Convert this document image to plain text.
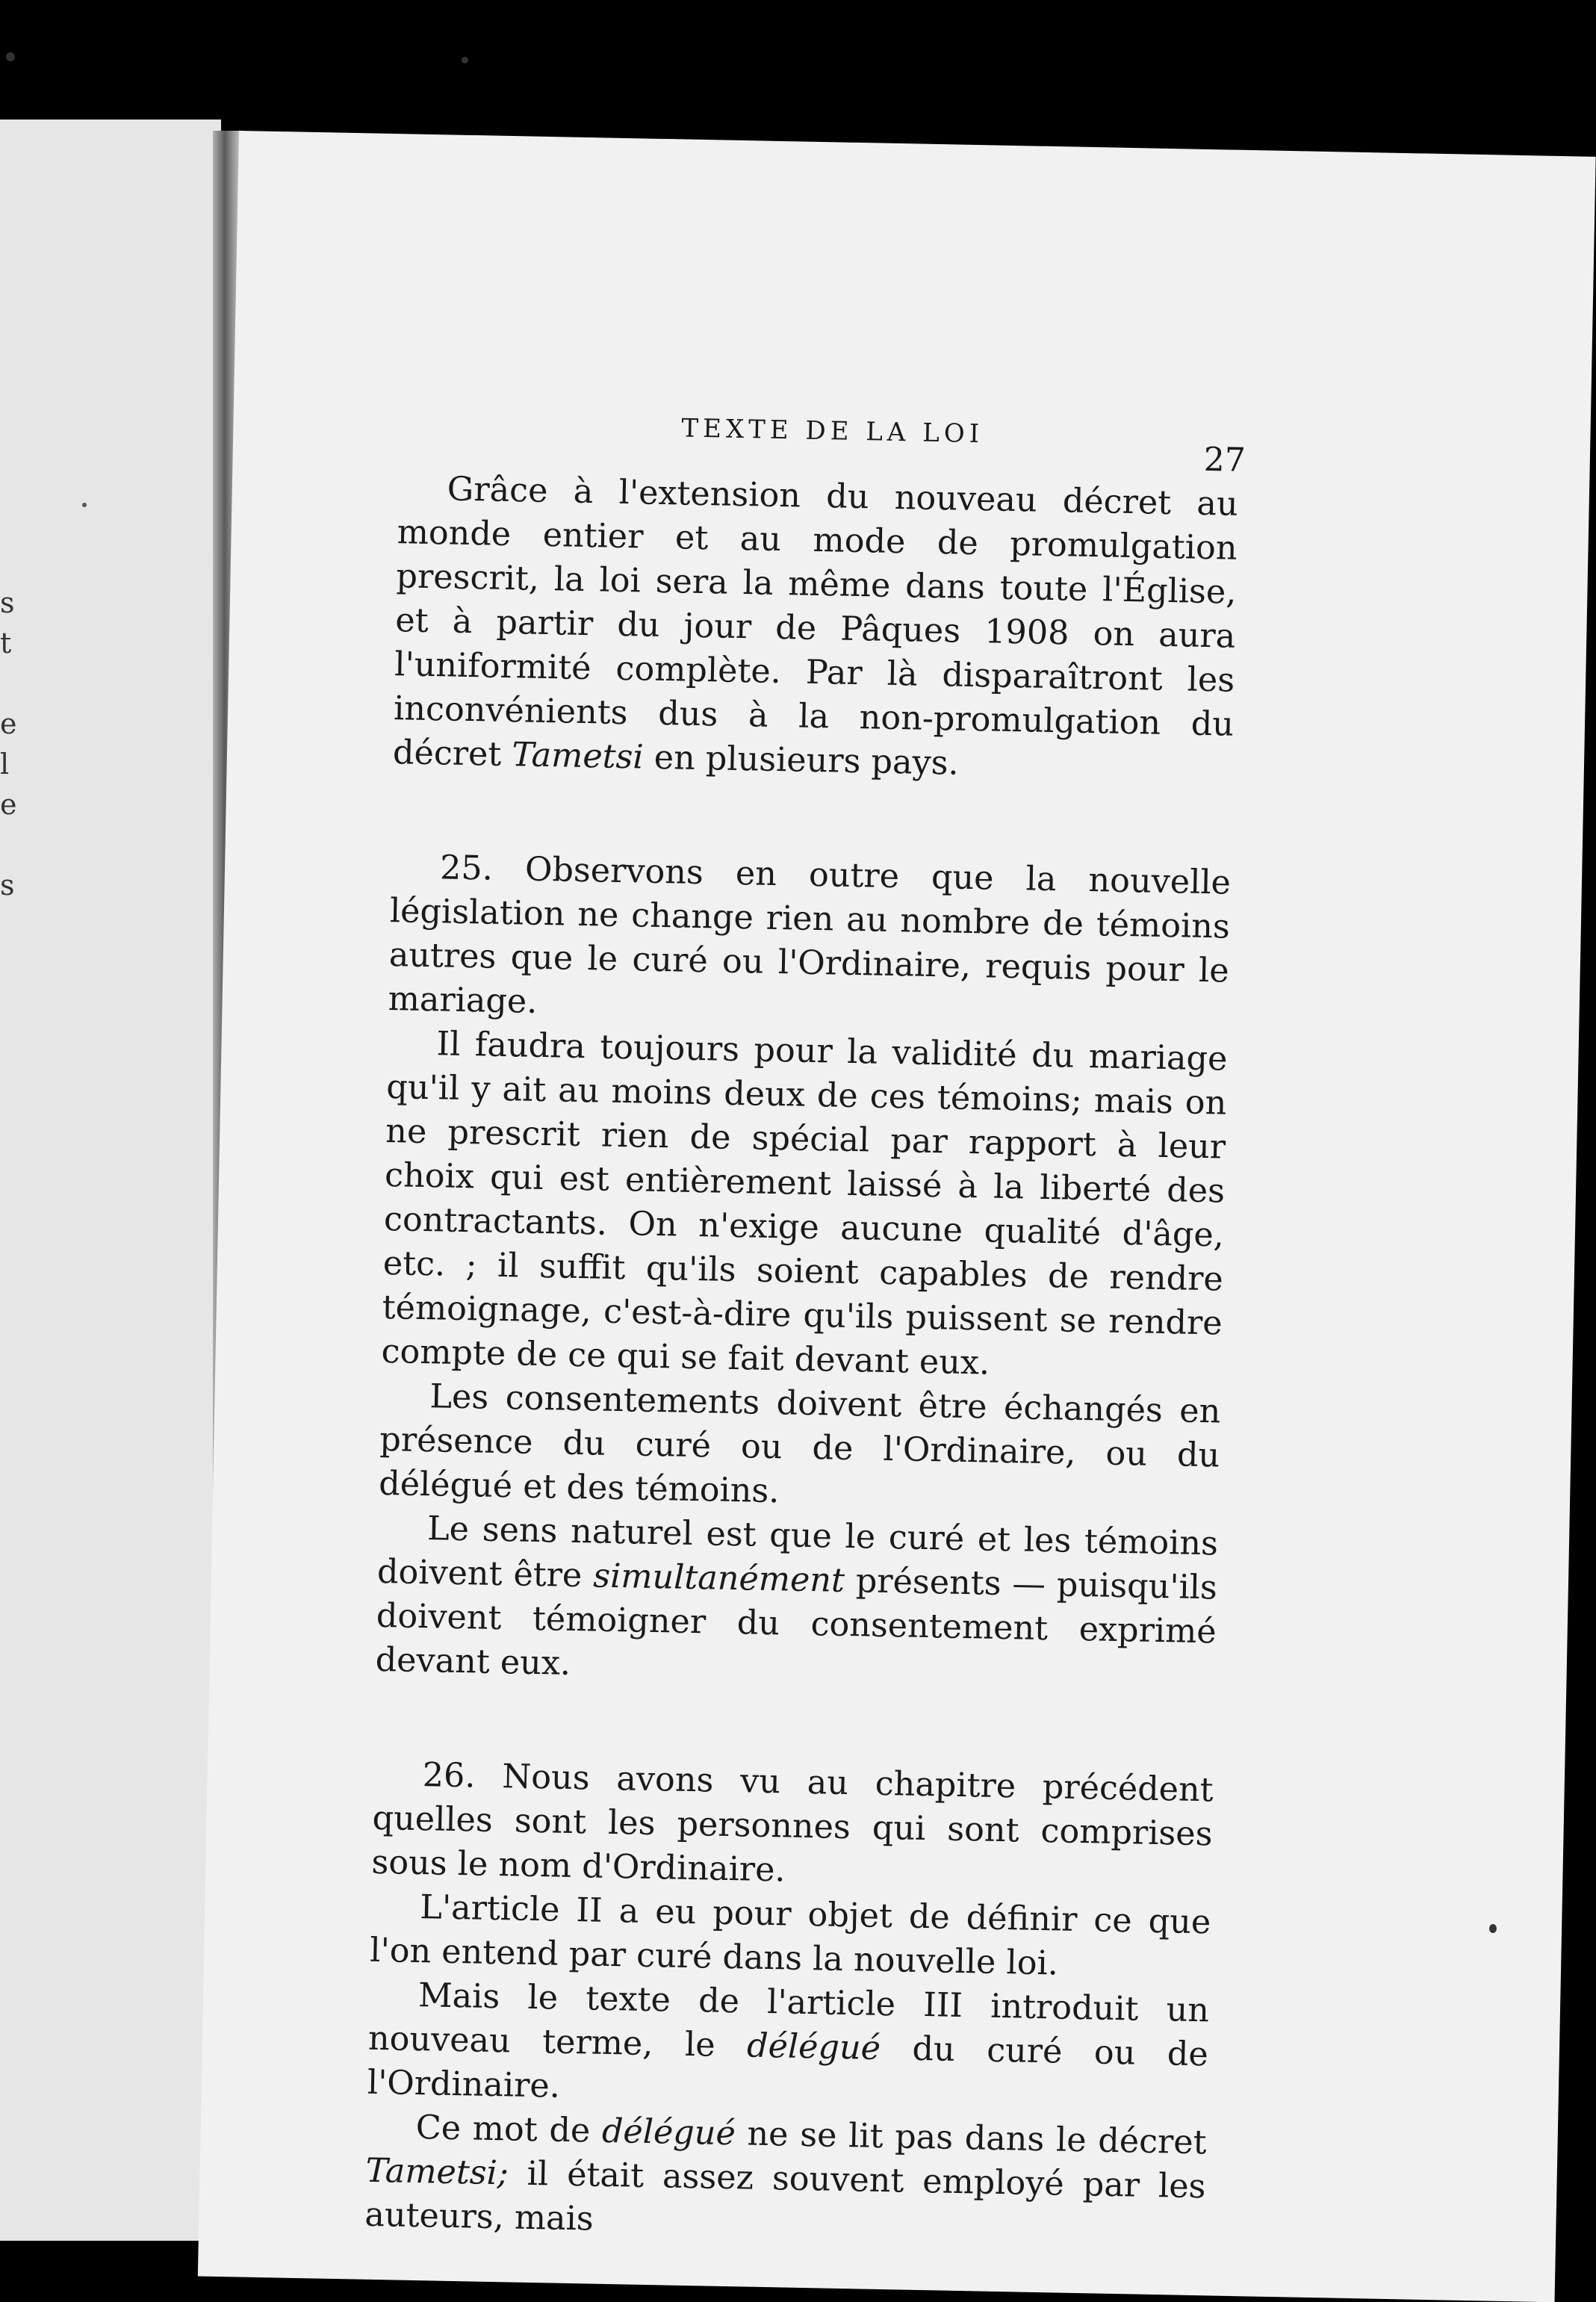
s
t

e
l
e

s
TEXTE DE LA LOI
27

Grâce à l'extension du nouveau décret au monde entier et au mode de promulgation prescrit, la loi sera la même dans toute l'Église, et à partir du jour de Pâques 1908 on aura l'uniformité complète. Par là disparaîtront les inconvénients dus à la non-promulgation du décret Tametsi en plusieurs pays.

25. Observons en outre que la nouvelle législation ne change rien au nombre de témoins autres que le curé ou l'Ordinaire, requis pour le mariage.

Il faudra toujours pour la validité du mariage qu'il y ait au moins deux de ces témoins; mais on ne prescrit rien de spécial par rapport à leur choix qui est entièrement laissé à la liberté des contractants. On n'exige aucune qualité d'âge, etc. ; il suffit qu'ils soient capables de rendre témoignage, c'est-à-dire qu'ils puissent se rendre compte de ce qui se fait devant eux.

Les consentements doivent être échangés en présence du curé ou de l'Ordinaire, ou du délégué et des témoins.

Le sens naturel est que le curé et les témoins doivent être simultanément présents — puisqu'ils doivent témoigner du consentement exprimé devant eux.

26. Nous avons vu au chapitre précédent quelles sont les personnes qui sont comprises sous le nom d'Ordinaire.

L'article II a eu pour objet de définir ce que l'on entend par curé dans la nouvelle loi.

Mais le texte de l'article III introduit un nouveau terme, le délégué du curé ou de l'Ordinaire.

Ce mot de délégué ne se lit pas dans le décret Tametsi; il était assez souvent employé par les auteurs, mais
